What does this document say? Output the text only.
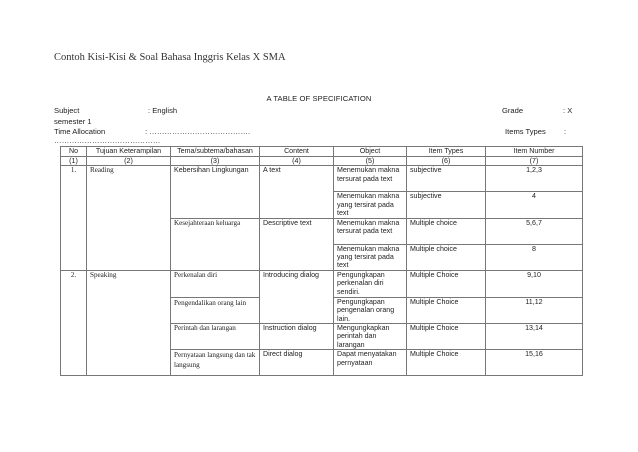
Contoh Kisi-Kisi & Soal Bahasa Inggris Kelas X SMA
A TABLE OF SPECIFICATION
Subject	: English	Grade	: X
semester 1
Time Allocation	: ………………………………….	Items Types :
……………………………………
No	Tujuan Keterampilan	Tema/subtema/bahasan	Content	Object	Item Types	Item Number
(1)	(2)	(3)	(4)	(5)	(6)	(7)
1.	Reading	Kebersihan Lingkungan	A text	Menemukan makna tersurat pada text	subjective	1,2,3
				Menemukan makna yang tersirat pada text	subjective	4
		Kesejahteraan keluarga	Descriptive text	Menemukan makna tersurat pada text	Multiple choice	5,6,7
				Menemukan makna yang tersirat pada text	Multiple choice	8
2.	Speaking	Perkenalan diri	Introducing dialog	Pengungkapan perkenalan diri sendiri.	Multiple Choice	9,10
		Pengendalikan orang lain		Pengungkapan pengenalan orang lain.	Multiple Choice	11,12
		Perintah dan larangan	Instruction dialog	Mengungkapkan perintah dan larangan	Multiple Choice	13,14
		Pernyataan langsung dan tak langsung	Direct dialog	Dapat menyatakan pernyataan	Multiple Choice	15,16
